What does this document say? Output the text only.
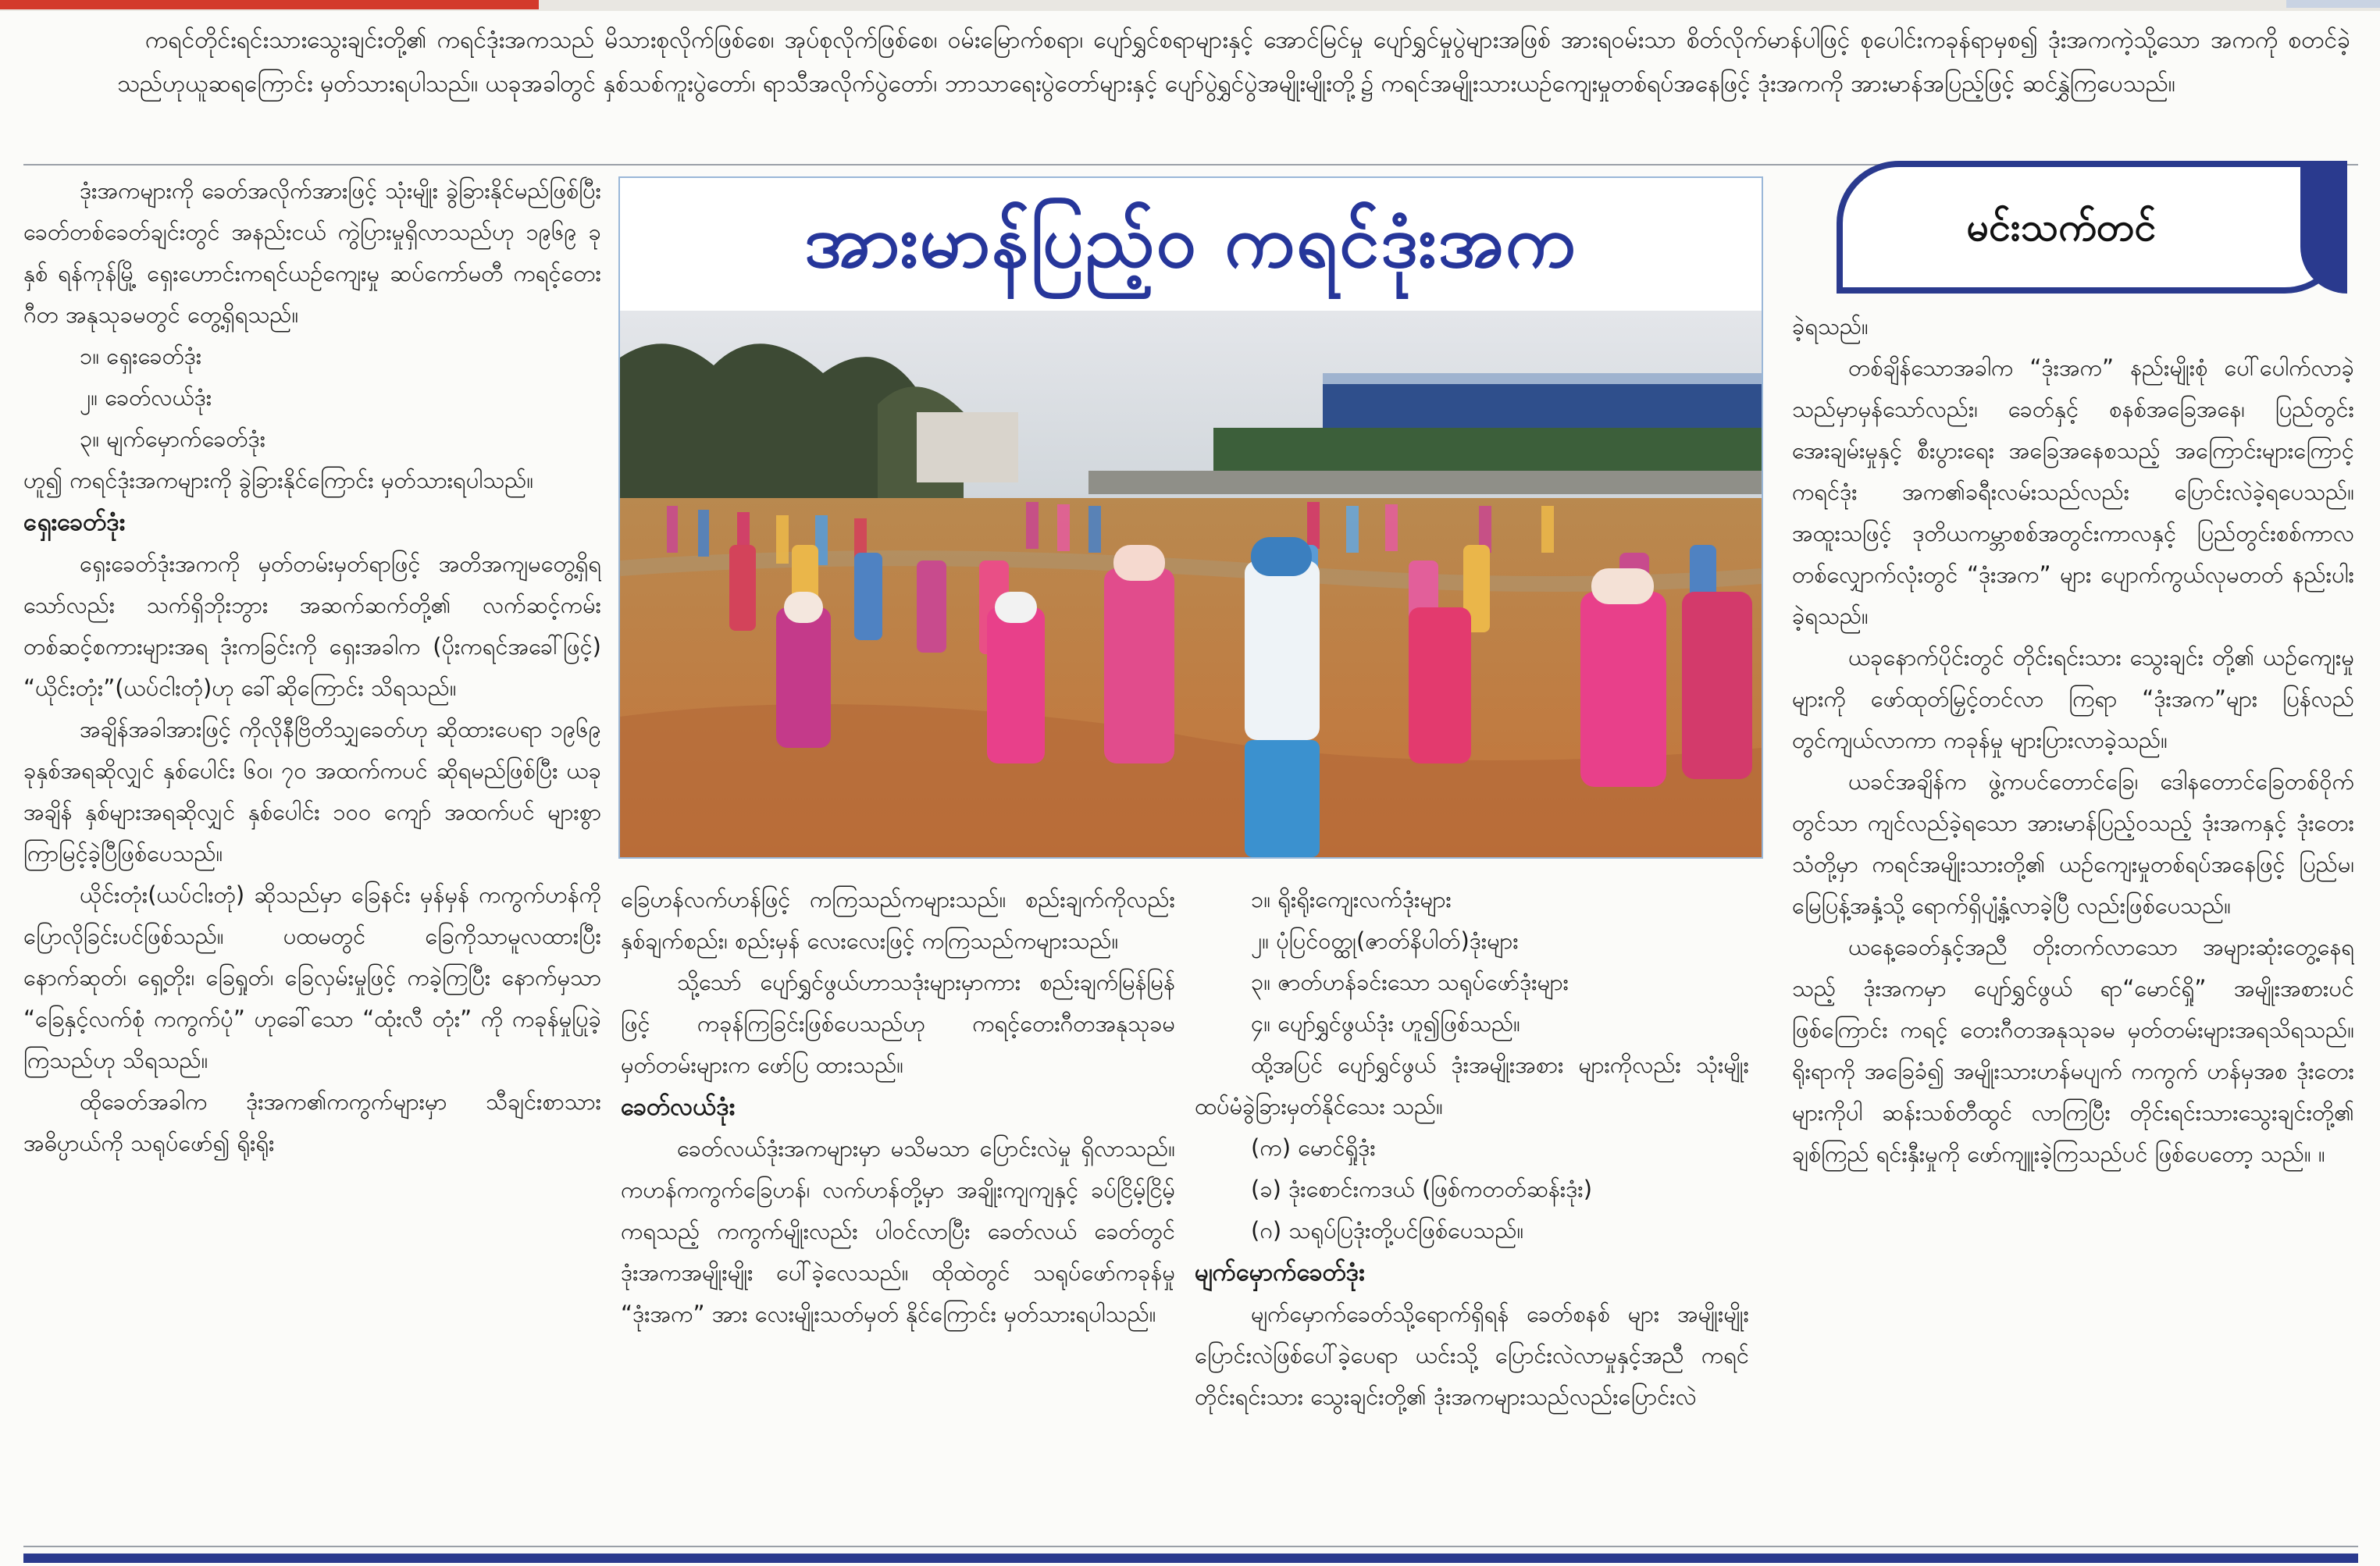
ကရင်တိုင်းရင်းသားသွေးချင်းတို့၏ ကရင်ဒုံးအကသည် မိသားစုလိုက်ဖြစ်စေ၊ အုပ်စုလိုက်ဖြစ်စေ၊ ဝမ်းမြောက်စရာ၊ ပျော်ရွှင်စရာများနှင့် အောင်မြင်မှု ပျော်ရွှင်မှုပွဲများအဖြစ် အားရဝမ်းသာ စိတ်လိုက်မာန်ပါဖြင့် စုပေါင်းကခုန်ရာမှစ၍ ဒုံးအကကဲ့သို့သော အကကို စတင်ခဲ့သည်ဟုယူဆရကြောင်း မှတ်သားရပါသည်။ ယခုအခါတွင် နှစ်သစ်ကူးပွဲတော်၊ ရာသီအလိုက်ပွဲတော်၊ ဘာသာရေးပွဲတော်များနှင့် ပျော်ပွဲရွှင်ပွဲအမျိုးမျိုးတို့၌ ကရင်အမျိုးသားယဉ်ကျေးမှုတစ်ရပ်အနေဖြင့် ဒုံးအကကို အားမာန်အပြည့်ဖြင့် ဆင်နွှဲကြပေသည်။

ဒုံးအကများကို ခေတ်အလိုက်အားဖြင့် သုံးမျိုး ခွဲခြားနိုင်မည်ဖြစ်ပြီး ခေတ်တစ်ခေတ်ချင်းတွင် အနည်းငယ် ကွဲပြားမှုရှိလာသည်ဟု ၁၉၆၉ ခုနှစ် ရန်ကုန်မြို့ ရှေးဟောင်းကရင်ယဉ်ကျေးမှု ဆပ်ကော်မတီ ကရင့်တေးဂီတ အနုသုခမတွင် တွေ့ရှိရသည်။

၁။ ရှေးခေတ်ဒုံး

၂။ ခေတ်လယ်ဒုံး

၃။ မျက်မှောက်ခေတ်ဒုံး

ဟူ၍ ကရင်ဒုံးအကများကို ခွဲခြားနိုင်ကြောင်း မှတ်သားရပါသည်။

ရှေးခေတ်ဒုံး

ရှေးခေတ်ဒုံးအကကို မှတ်တမ်းမှတ်ရာဖြင့် အတိအကျမတွေ့ရှိရသော်လည်း သက်ရှိဘိုးဘွား အဆက်ဆက်တို့၏ လက်ဆင့်ကမ်း တစ်ဆင့်စကားများအရ ဒုံးကခြင်းကို ရှေးအခါက (ပိုးကရင်အခေါ်ဖြင့်) “ယိုင်းတုံး”(ယပ်ငါးတုံ)ဟု ခေါ်ဆိုကြောင်း သိရသည်။

အချိန်အခါအားဖြင့် ကိုလိုနီဗြိတိသျှခေတ်ဟု ဆိုထားပေရာ ၁၉၆၉ ခုနှစ်အရဆိုလျှင် နှစ်ပေါင်း ၆၀၊ ၇၀ အထက်ကပင် ဆိုရမည်ဖြစ်ပြီး ယခုအချိန် နှစ်များအရဆိုလျှင် နှစ်ပေါင်း ၁၀၀ ကျော် အထက်ပင် များစွာ ကြာမြင့်ခဲ့ပြီဖြစ်ပေသည်။

ယိုင်းတုံး(ယပ်ငါးတုံ) ဆိုသည်မှာ ခြေနင်း မှန်မှန် ကကွက်ဟန်ကို ပြောလိုခြင်းပင်ဖြစ်သည်။ ပထမတွင် ခြေကိုသာမူလထားပြီး နောက်ဆုတ်၊ ရှေ့တိုး၊ ခြေရှုတ်၊ ခြေလှမ်းမှုဖြင့် ကခဲ့ကြပြီး နောက်မှသာ “ခြေနှင့်လက်စုံ ကကွက်ပုံ” ဟုခေါ်သော “ထုံးလီ တုံး” ကို ကခုန်မှုပြုခဲ့ကြသည်ဟု သိရသည်။

ထိုခေတ်အခါက ဒုံးအက၏ကကွက်များမှာ သီချင်းစာသားအဓိပ္ပာယ်ကို သရုပ်ဖော်၍ ရိုးရိုး

အားမာန်ပြည့်ဝ ကရင်ဒုံးအက	မင်းသက်တင်

ခြေဟန်လက်ဟန်ဖြင့် ကကြသည်ကများသည်။ စည်းချက်ကိုလည်း နှစ်ချက်စည်း၊ စည်းမှန် လေးလေးဖြင့် ကကြသည်ကများသည်။

သို့သော် ပျော်ရွှင်ဖွယ်ဟာသဒုံးများမှာကား စည်းချက်မြန်မြန်ဖြင့် ကခုန်ကြခြင်းဖြစ်ပေသည်ဟု ကရင့်တေးဂီတအနုသုခမ မှတ်တမ်းများက ဖော်ပြ ထားသည်။

ခေတ်လယ်ဒုံး

ခေတ်လယ်ဒုံးအကများမှာ မသိမသာ ပြောင်းလဲမှု ရှိလာသည်။ ကဟန်ကကွက်ခြေဟန်၊ လက်ဟန်တို့မှာ အချိုးကျကျနှင့် ခပ်ငြိမ့်ငြိမ့်ကရသည့် ကကွက်မျိုးလည်း ပါဝင်လာပြီး ခေတ်လယ် ခေတ်တွင် ဒုံးအကအမျိုးမျိုး ပေါ်ခဲ့လေသည်။ ထိုထဲတွင် သရုပ်ဖော်ကခုန်မှု “ဒုံးအက” အား လေးမျိုးသတ်မှတ် နိုင်ကြောင်း မှတ်သားရပါသည်။

၁။ ရိုးရိုးကျေးလက်ဒုံးများ

၂။ ပုံပြင်ဝတ္ထု(ဇာတ်နိပါတ်)ဒုံးများ

၃။ ဇာတ်ဟန်ခင်းသော သရုပ်ဖော်ဒုံးများ

၄။ ပျော်ရွှင်ဖွယ်ဒုံး ဟူ၍ဖြစ်သည်။

ထို့အပြင် ပျော်ရွှင်ဖွယ် ဒုံးအမျိုးအစား များကိုလည်း သုံးမျိုးထပ်မံခွဲခြားမှတ်နိုင်သေး သည်။

(က) မောင်ရှိုဒုံး

(ခ) ဒုံးစောင်းကဒယ် (ဖြစ်ကတတ်ဆန်းဒုံး)

(ဂ) သရုပ်ပြဒုံးတို့ပင်ဖြစ်ပေသည်။

မျက်မှောက်ခေတ်ဒုံး

မျက်မှောက်ခေတ်သို့ရောက်ရှိရန် ခေတ်စနစ် များ အမျိုးမျိုးပြောင်းလဲဖြစ်ပေါ်ခဲ့ပေရာ ယင်းသို့ ပြောင်းလဲလာမှုနှင့်အညီ ကရင်တိုင်းရင်းသား သွေးချင်းတို့၏ ဒုံးအကများသည်လည်းပြောင်းလဲ

ခဲ့ရသည်။

တစ်ချိန်သောအခါက “ဒုံးအက” နည်းမျိုးစုံ ပေါ်ပေါက်လာခဲ့သည်မှာမှန်သော်လည်း၊ ခေတ်နှင့် စနစ်အခြေအနေ၊ ပြည်တွင်းအေးချမ်းမှုနှင့် စီးပွားရေး အခြေအနေစသည့် အကြောင်းများကြောင့် ကရင်ဒုံး အက၏ခရီးလမ်းသည်လည်း ပြောင်းလဲခဲ့ရပေသည်။ အထူးသဖြင့် ဒုတိယကမ္ဘာစစ်အတွင်းကာလနှင့် ပြည်တွင်းစစ်ကာလ တစ်လျှောက်လုံးတွင် “ဒုံးအက” များ ပျောက်ကွယ်လုမတတ် နည်းပါးခဲ့ရသည်။

ယခုနောက်ပိုင်းတွင် တိုင်းရင်းသား သွေးချင်း တို့၏ ယဉ်ကျေးမှုများကို ဖော်ထုတ်မြှင့်တင်လာ ကြရာ “ဒုံးအက”များ ပြန်လည်တွင်ကျယ်လာကာ ကခုန်မှု များပြားလာခဲ့သည်။

ယခင်အချိန်က ဖွဲ့ကပင်တောင်ခြေ၊ ဒေါနတောင်ခြေတစ်ဝိုက်တွင်သာ ကျင်လည်ခဲ့ရသော အားမာန်ပြည့်ဝသည့် ဒုံးအကနှင့် ဒုံးတေးသံတို့မှာ ကရင်အမျိုးသားတို့၏ ယဉ်ကျေးမှုတစ်ရပ်အနေဖြင့် ပြည်မ၊ မြေပြန့်အနှံ့သို့ ရောက်ရှိပျံ့နှံ့လာခဲ့ပြီ လည်းဖြစ်ပေသည်။

ယနေ့ခေတ်နှင့်အညီ တိုးတက်လာသော အများဆုံးတွေ့နေရသည့် ဒုံးအကမှာ ပျော်ရွှင်ဖွယ် ရာ“မောင်ရှို” အမျိုးအစားပင်ဖြစ်ကြောင်း ကရင့် တေးဂီတအနုသုခမ မှတ်တမ်းများအရသိရသည်။ ရိုးရာကို အခြေခံ၍ အမျိုးသားဟန်မပျက် ကကွက် ဟန်မှအစ ဒုံးတေးများကိုပါ ဆန်းသစ်တီထွင် လာကြပြီး တိုင်းရင်းသားသွေးချင်းတို့၏ ချစ်ကြည် ရင်းနှီးမှုကို ဖော်ကျူးခဲ့ကြသည်ပင် ဖြစ်ပေတော့ သည်။ ။
